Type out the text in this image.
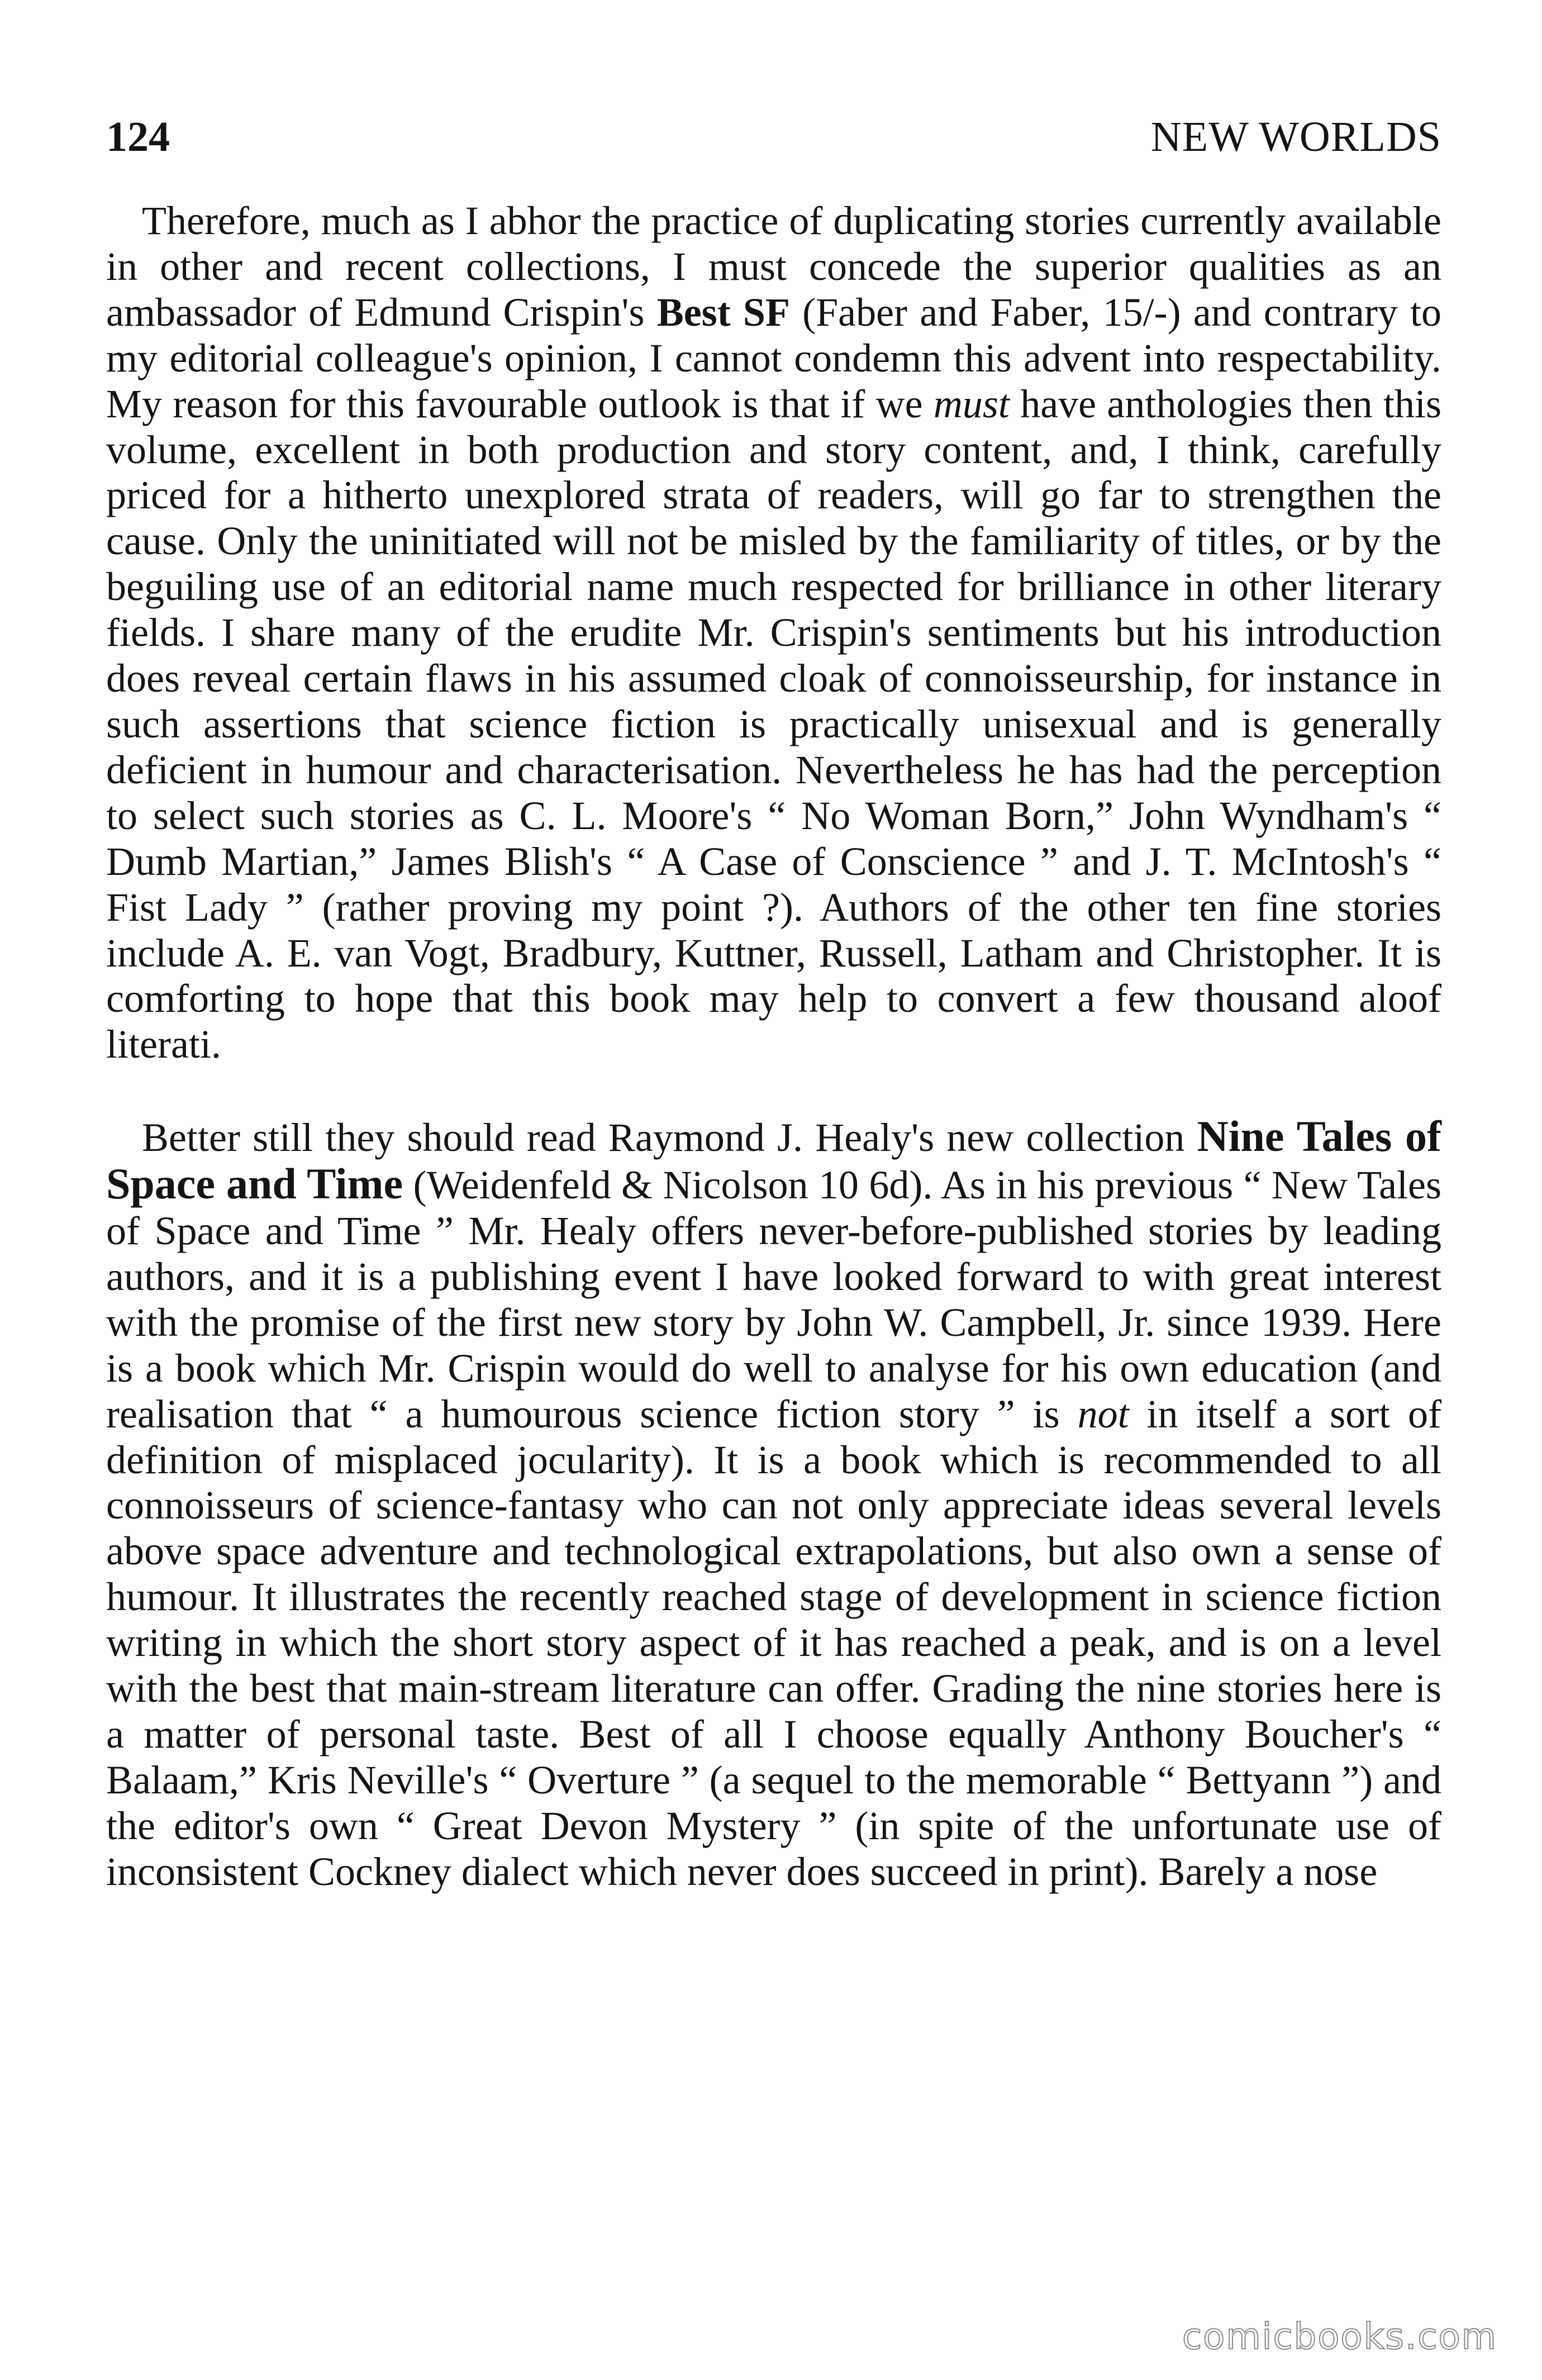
124	NEW WORLDS

Therefore, much as I abhor the practice of duplicating stories currently available in other and recent collections, I must concede the superior qualities as an ambassador of Edmund Crispin's Best SF (Faber and Faber, 15/-) and contrary to my editorial colleague's opinion, I cannot condemn this advent into respectability. My reason for this favourable outlook is that if we must have anthologies then this volume, excellent in both production and story content, and, I think, carefully priced for a hitherto unexplored strata of readers, will go far to strengthen the cause. Only the uninitiated will not be misled by the familiarity of titles, or by the beguiling use of an editorial name much respected for brilliance in other literary fields. I share many of the erudite Mr. Crispin's sentiments but his introduction does reveal certain flaws in his assumed cloak of connoisseurship, for instance in such assertions that science fiction is practically unisexual and is generally deficient in humour and characterisation. Nevertheless he has had the perception to select such stories as C. L. Moore's “ No Woman Born,” John Wyndham's “ Dumb Martian,” James Blish's “ A Case of Conscience ” and J. T. McIntosh's “ Fist Lady ” (rather proving my point ?). Authors of the other ten fine stories include A. E. van Vogt, Bradbury, Kuttner, Russell, Latham and Christopher. It is comforting to hope that this book may help to convert a few thousand aloof literati.

Better still they should read Raymond J. Healy's new collection Nine Tales of Space and Time (Weidenfeld & Nicolson 10 6d). As in his previous “ New Tales of Space and Time ” Mr. Healy offers never-before-published stories by leading authors, and it is a publishing event I have looked forward to with great interest with the promise of the first new story by John W. Campbell, Jr. since 1939. Here is a book which Mr. Crispin would do well to analyse for his own education (and realisation that “ a humourous science fiction story ” is not in itself a sort of definition of misplaced jocularity). It is a book which is recommended to all connoisseurs of science-fantasy who can not only appreciate ideas several levels above space adventure and technological extrapolations, but also own a sense of humour. It illustrates the recently reached stage of development in science fiction writing in which the short story aspect of it has reached a peak, and is on a level with the best that main-stream literature can offer. Grading the nine stories here is a matter of personal taste. Best of all I choose equally Anthony Boucher's “ Balaam,” Kris Neville's “ Overture ” (a sequel to the memorable “ Bettyann ”) and the editor's own “ Great Devon Mystery ” (in spite of the unfortunate use of inconsistent Cockney dialect which never does succeed in print). Barely a nose

comicbooks.com
